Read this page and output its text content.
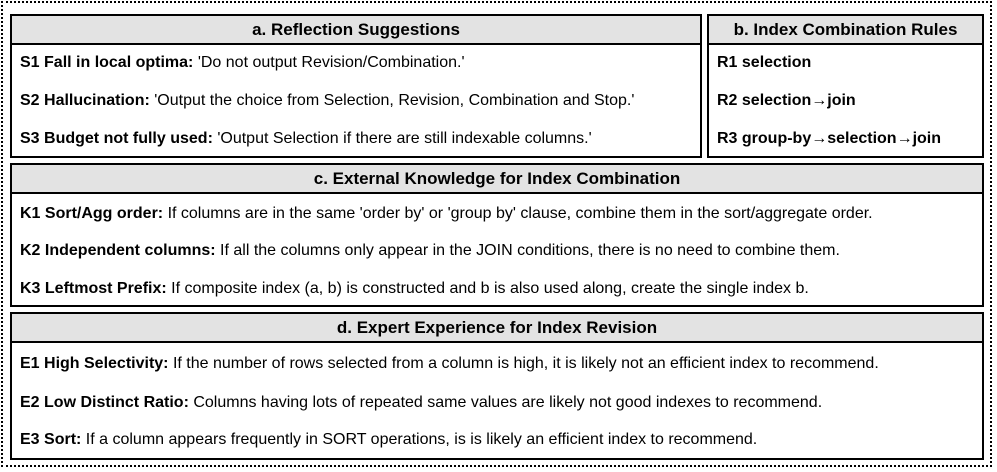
a. Reflection Suggestions
S1 Fall in local optima: 'Do not output Revision/Combination.'
S2 Hallucination: 'Output the choice from Selection, Revision, Combination and Stop.'
S3 Budget not fully used: 'Output Selection if there are still indexable columns.'
b. Index Combination Rules
R1 selection
R2 selection→join
R3 group-by→selection→join
c. External Knowledge for Index Combination
K1 Sort/Agg order: If columns are in the same 'order by' or 'group by' clause, combine them in the sort/aggregate order.
K2 Independent columns: If all the columns only appear in the JOIN conditions, there is no need to combine them.
K3 Leftmost Prefix: If composite index (a, b) is constructed and b is also used along, create the single index b.
d. Expert Experience for Index Revision
E1 High Selectivity: If the number of rows selected from a column is high, it is likely not an efficient index to recommend.
E2 Low Distinct Ratio: Columns having lots of repeated same values are likely not good indexes to recommend.
E3 Sort: If a column appears frequently in SORT operations, is is likely an efficient index to recommend.
